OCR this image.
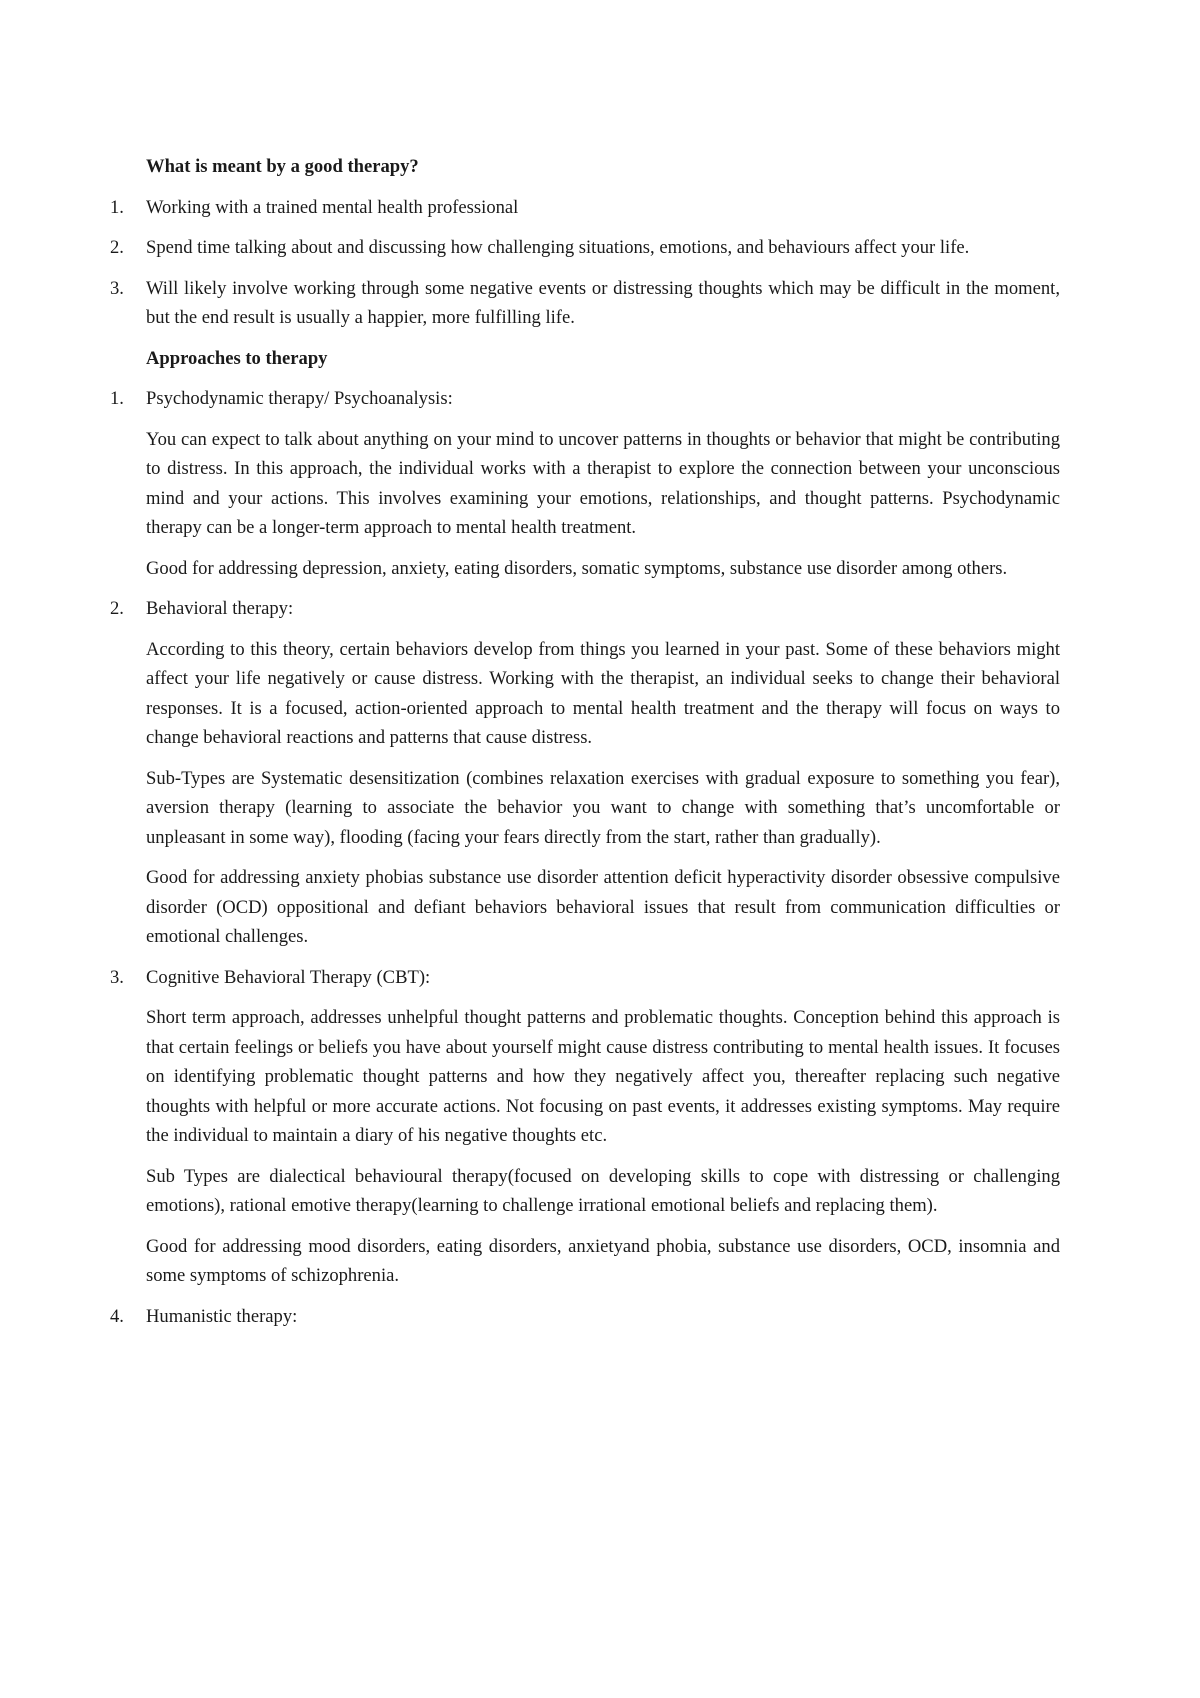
What is meant by a good therapy?
1.	Working with a trained mental health professional
2.	Spend time talking about and discussing how challenging situations, emotions, and behaviours affect your life.
3.	Will likely involve working through some negative events or distressing thoughts which may be difficult in the moment, but the end result is usually a happier, more fulfilling life.
Approaches to therapy
1.	Psychodynamic therapy/ Psychoanalysis:
You can expect to talk about anything on your mind to uncover patterns in thoughts or behavior that might be contributing to distress. In this approach, the individual works with a therapist to explore the connection between your unconscious mind and your actions. This involves examining your emotions, relationships, and thought patterns. Psychodynamic therapy can be a longer-term approach to mental health treatment.
Good for addressing depression, anxiety, eating disorders, somatic symptoms, substance use disorder among others.
2.	Behavioral therapy:
According to this theory, certain behaviors develop from things you learned in your past. Some of these behaviors might affect your life negatively or cause distress. Working with the therapist, an individual seeks to change their behavioral responses. It is a focused, action-oriented approach to mental health treatment and the therapy will focus on ways to change behavioral reactions and patterns that cause distress.
Sub-Types are Systematic desensitization (combines relaxation exercises with gradual exposure to something you fear), aversion therapy (learning to associate the behavior you want to change with something that’s uncomfortable or unpleasant in some way), flooding (facing your fears directly from the start, rather than gradually).
Good for addressing anxiety phobias substance use disorder attention deficit hyperactivity disorder obsessive compulsive disorder (OCD) oppositional and defiant behaviors behavioral issues that result from communication difficulties or emotional challenges.
3.	Cognitive Behavioral Therapy (CBT):
Short term approach, addresses unhelpful thought patterns and problematic thoughts. Conception behind this approach is that certain feelings or beliefs you have about yourself might cause distress contributing to mental health issues. It focuses on identifying problematic thought patterns and how they negatively affect you, thereafter replacing such negative thoughts with helpful or more accurate actions. Not focusing on past events, it addresses existing symptoms. May require the individual to maintain a diary of his negative thoughts etc.
Sub Types are dialectical behavioural therapy(focused on developing skills to cope with distressing or challenging emotions), rational emotive therapy(learning to challenge irrational emotional beliefs and replacing them).
Good for addressing mood disorders, eating disorders, anxietyand phobia, substance use disorders, OCD, insomnia and some symptoms of schizophrenia.
4.	Humanistic therapy:
